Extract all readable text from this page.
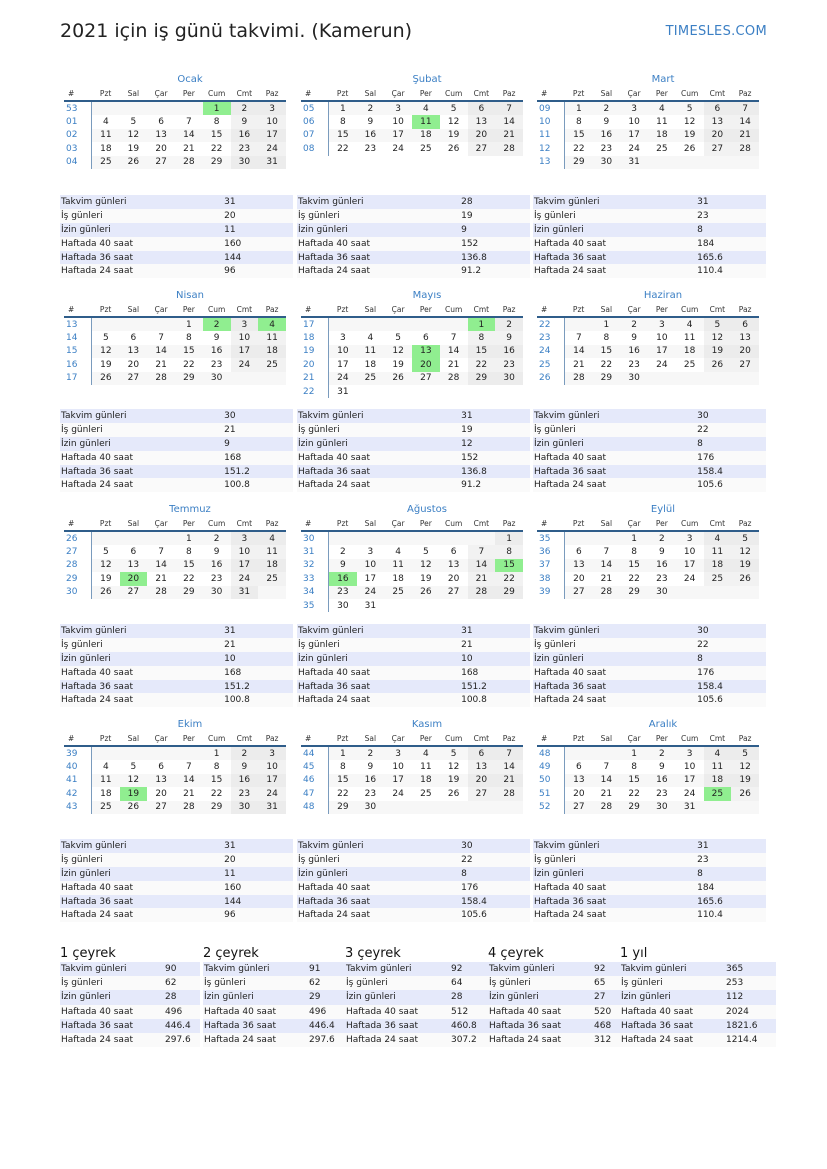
2021 için iş günü takvimi. (Kamerun)	TIMESLES.COM
Ocak
#	Pzt	Sal	Çar	Per	Cum	Cmt	Paz
53					1	2	3
01	4	5	6	7	8	9	10
02	11	12	13	14	15	16	17
03	18	19	20	21	22	23	24
04	25	26	27	28	29	30	31
Takvim günleri	31
İş günleri	20
İzin günleri	11
Haftada 40 saat	160
Haftada 36 saat	144
Haftada 24 saat	96
Şubat
#	Pzt	Sal	Çar	Per	Cum	Cmt	Paz
05	1	2	3	4	5	6	7
06	8	9	10	11	12	13	14
07	15	16	17	18	19	20	21
08	22	23	24	25	26	27	28
Takvim günleri	28
İş günleri	19
İzin günleri	9
Haftada 40 saat	152
Haftada 36 saat	136.8
Haftada 24 saat	91.2
Mart
#	Pzt	Sal	Çar	Per	Cum	Cmt	Paz
09	1	2	3	4	5	6	7
10	8	9	10	11	12	13	14
11	15	16	17	18	19	20	21
12	22	23	24	25	26	27	28
13	29	30	31				
Takvim günleri	31
İş günleri	23
İzin günleri	8
Haftada 40 saat	184
Haftada 36 saat	165.6
Haftada 24 saat	110.4
Nisan
#	Pzt	Sal	Çar	Per	Cum	Cmt	Paz
13				1	2	3	4
14	5	6	7	8	9	10	11
15	12	13	14	15	16	17	18
16	19	20	21	22	23	24	25
17	26	27	28	29	30		
Takvim günleri	30
İş günleri	21
İzin günleri	9
Haftada 40 saat	168
Haftada 36 saat	151.2
Haftada 24 saat	100.8
Mayıs
#	Pzt	Sal	Çar	Per	Cum	Cmt	Paz
17						1	2
18	3	4	5	6	7	8	9
19	10	11	12	13	14	15	16
20	17	18	19	20	21	22	23
21	24	25	26	27	28	29	30
22	31						
Takvim günleri	31
İş günleri	19
İzin günleri	12
Haftada 40 saat	152
Haftada 36 saat	136.8
Haftada 24 saat	91.2
Haziran
#	Pzt	Sal	Çar	Per	Cum	Cmt	Paz
22		1	2	3	4	5	6
23	7	8	9	10	11	12	13
24	14	15	16	17	18	19	20
25	21	22	23	24	25	26	27
26	28	29	30				
Takvim günleri	30
İş günleri	22
İzin günleri	8
Haftada 40 saat	176
Haftada 36 saat	158.4
Haftada 24 saat	105.6
Temmuz
#	Pzt	Sal	Çar	Per	Cum	Cmt	Paz
26				1	2	3	4
27	5	6	7	8	9	10	11
28	12	13	14	15	16	17	18
29	19	20	21	22	23	24	25
30	26	27	28	29	30	31	
Takvim günleri	31
İş günleri	21
İzin günleri	10
Haftada 40 saat	168
Haftada 36 saat	151.2
Haftada 24 saat	100.8
Ağustos
#	Pzt	Sal	Çar	Per	Cum	Cmt	Paz
30							1
31	2	3	4	5	6	7	8
32	9	10	11	12	13	14	15
33	16	17	18	19	20	21	22
34	23	24	25	26	27	28	29
35	30	31					
Takvim günleri	31
İş günleri	21
İzin günleri	10
Haftada 40 saat	168
Haftada 36 saat	151.2
Haftada 24 saat	100.8
Eylül
#	Pzt	Sal	Çar	Per	Cum	Cmt	Paz
35			1	2	3	4	5
36	6	7	8	9	10	11	12
37	13	14	15	16	17	18	19
38	20	21	22	23	24	25	26
39	27	28	29	30			
Takvim günleri	30
İş günleri	22
İzin günleri	8
Haftada 40 saat	176
Haftada 36 saat	158.4
Haftada 24 saat	105.6
Ekim
#	Pzt	Sal	Çar	Per	Cum	Cmt	Paz
39					1	2	3
40	4	5	6	7	8	9	10
41	11	12	13	14	15	16	17
42	18	19	20	21	22	23	24
43	25	26	27	28	29	30	31
Takvim günleri	31
İş günleri	20
İzin günleri	11
Haftada 40 saat	160
Haftada 36 saat	144
Haftada 24 saat	96
Kasım
#	Pzt	Sal	Çar	Per	Cum	Cmt	Paz
44	1	2	3	4	5	6	7
45	8	9	10	11	12	13	14
46	15	16	17	18	19	20	21
47	22	23	24	25	26	27	28
48	29	30					
Takvim günleri	30
İş günleri	22
İzin günleri	8
Haftada 40 saat	176
Haftada 36 saat	158.4
Haftada 24 saat	105.6
Aralık
#	Pzt	Sal	Çar	Per	Cum	Cmt	Paz
48			1	2	3	4	5
49	6	7	8	9	10	11	12
50	13	14	15	16	17	18	19
51	20	21	22	23	24	25	26
52	27	28	29	30	31		
Takvim günleri	31
İş günleri	23
İzin günleri	8
Haftada 40 saat	184
Haftada 36 saat	165.6
Haftada 24 saat	110.4
1 çeyrek
Takvim günleri	90
İş günleri	62
İzin günleri	28
Haftada 40 saat	496
Haftada 36 saat	446.4
Haftada 24 saat	297.6
2 çeyrek
Takvim günleri	91
İş günleri	62
İzin günleri	29
Haftada 40 saat	496
Haftada 36 saat	446.4
Haftada 24 saat	297.6
3 çeyrek
Takvim günleri	92
İş günleri	64
İzin günleri	28
Haftada 40 saat	512
Haftada 36 saat	460.8
Haftada 24 saat	307.2
4 çeyrek
Takvim günleri	92
İş günleri	65
İzin günleri	27
Haftada 40 saat	520
Haftada 36 saat	468
Haftada 24 saat	312
1 yıl
Takvim günleri	365
İş günleri	253
İzin günleri	112
Haftada 40 saat	2024
Haftada 36 saat	1821.6
Haftada 24 saat	1214.4
